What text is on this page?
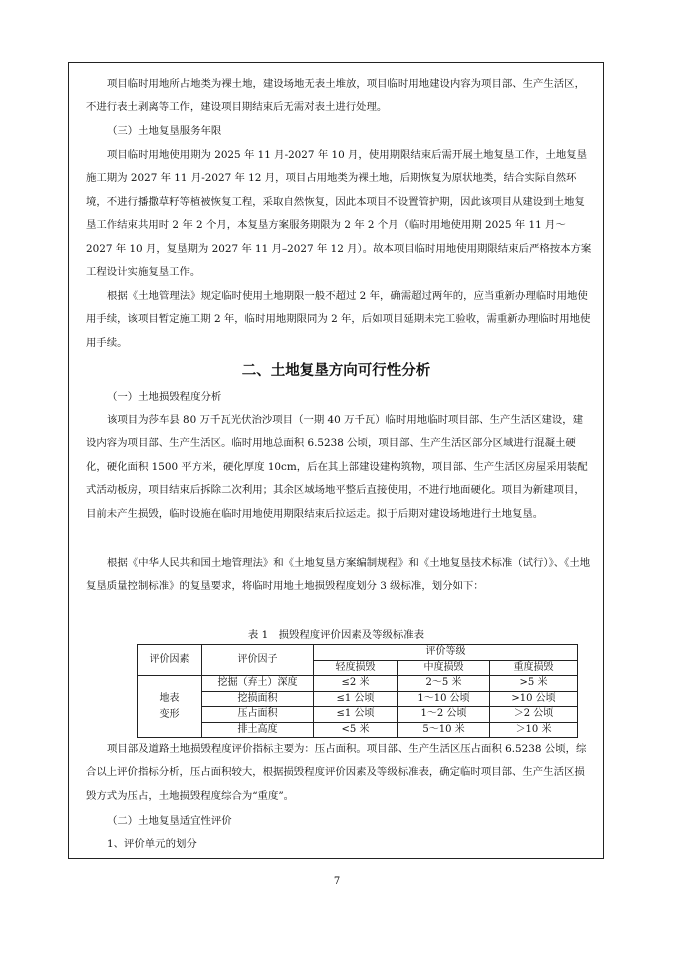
项目临时用地所占地类为裸土地，建设场地无表土堆放，项目临时用地建设内容为项目部、生产生活区，不进行表土剥离等工作，建设项目期结束后无需对表土进行处理。

（三）土地复垦服务年限

项目临时用地使用期为 2025 年 11 月-2027 年 10 月，使用期限结束后需开展土地复垦工作，土地复垦施工期为 2027 年 11 月-2027 年 12 月，项目占用地类为裸土地，后期恢复为原状地类，结合实际自然环境，不进行播撒草籽等植被恢复工程，采取自然恢复，因此本项目不设置管护期，因此该项目从建设到土地复垦工作结束共用时 2 年 2 个月，本复垦方案服务期限为 2 年 2 个月（临时用地使用期 2025 年 11 月～2027 年 10 月，复垦期为 2027 年 11 月–2027 年 12 月）。故本项目临时用地使用期限结束后严格按本方案工程设计实施复垦工作。

根据《土地管理法》规定临时使用土地期限一般不超过 2 年，确需超过两年的，应当重新办理临时用地使用手续，该项目暂定施工期 2 年，临时用地期限同为 2 年，后如项目延期未完工验收，需重新办理临时用地使用手续。

二、土地复垦方向可行性分析

（一）土地损毁程度分析

该项目为莎车县 80 万千瓦光伏治沙项目（一期 40 万千瓦）临时用地临时项目部、生产生活区建设，建设内容为项目部、生产生活区。临时用地总面积 6.5238 公顷，项目部、生产生活区部分区域进行混凝土硬化，硬化面积 1500 平方米，硬化厚度 10cm，后在其上部建设建构筑物，项目部、生产生活区房屋采用装配式活动板房，项目结束后拆除二次利用；其余区域场地平整后直接使用，不进行地面硬化。项目为新建项目，目前未产生损毁，临时设施在临时用地使用期限结束后拉运走。拟于后期对建设场地进行土地复垦。

根据《中华人民共和国土地管理法》和《土地复垦方案编制规程》和《土地复垦技术标准（试行）》、《土地复垦质量控制标准》的复垦要求，将临时用地土地损毁程度划分 3 级标准，划分如下：

表 1　损毁程度评价因素及等级标准表

评价因素	评价因子	评价等级		
		轻度损毁	中度损毁	重度损毁
地表变形	挖掘（弃土）深度	≤2 米	2～5 米	>5 米
	挖损面积	≤1 公顷	1～10 公顷	>10 公顷
	压占面积	≤1 公顷	1～2 公顷	＞2 公顷
	排土高度	<5 米	5～10 米	＞10 米

项目部及道路土地损毁程度评价指标主要为：压占面积。项目部、生产生活区压占面积 6.5238 公顷，综合以上评价指标分析，压占面积较大，根据损毁程度评价因素及等级标准表，确定临时项目部、生产生活区损毁方式为压占，土地损毁程度综合为“重度”。

（二）土地复垦适宜性评价

1、评价单元的划分

7
